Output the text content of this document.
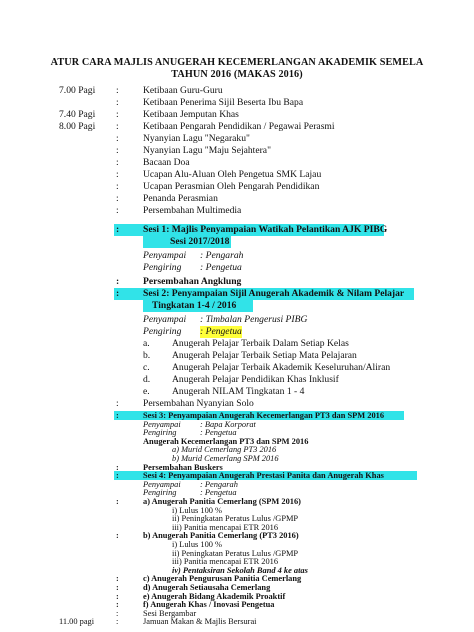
ATUR CARA MAJLIS ANUGERAH KECEMERLANGAN AKADEMIK SEMELA
TAHUN 2016 (MAKAS 2016)
7.00 Pagi :	Ketibaan Guru-Guru
:	Ketibaan Penerima Sijil Beserta Ibu Bapa
7.40 Pagi :	Ketibaan Jemputan Khas
8.00 Pagi :	Ketibaan Pengarah Pendidikan / Pegawai Perasmi
:	Nyanyian Lagu "Negaraku"
:	Nyanyian Lagu "Maju Sejahtera"
:	Bacaan Doa
:	Ucapan Alu-Aluan Oleh Pengetua SMK Lajau
:	Ucapan Perasmian Oleh Pengarah Pendidikan
:	Penanda Perasmian
:	Persembahan Multimedia
: Sesi 1: Majlis Penyampaian Watikah Pelantikan AJK PIBG
Sesi 2017/2018
Penyampai : Pengarah
Pengiring : Pengetua
: Persembahan Angklung
: Sesi 2: Penyampaian Sijil Anugerah Akademik & Nilam Pelajar
Tingkatan 1-4 / 2016
Penyampai : Timbalan Pengerusi PIBG
Pengiring : Pengetua
a. Anugerah Pelajar Terbaik Dalam Setiap Kelas
b. Anugerah Pelajar Terbaik Setiap Mata Pelajaran
c. Anugerah Pelajar Terbaik Akademik Keseluruhan/Aliran
d. Anugerah Pelajar Pendidikan Khas Inklusif
e. Anugerah NILAM Tingkatan 1 - 4
:	Persembahan Nyanyian Solo
:	Sesi 3: Penyampaian Anugerah Kecemerlangan PT3 dan SPM 2016
Penyampai : Bapa Korporat
Pengiring	: Pengetua
Anugerah Kecemerlangan PT3 dan SPM 2016
a) Murid Cemerlang PT3 2016
b) Murid Cemerlang SPM 2016
:	Persembahan Buskers
:	Sesi 4: Penyampaian Anugerah Prestasi Panita dan Anugerah Khas
Penyampai : Pengarah
Pengiring	: Pengetua
:	a) Anugerah Panitia Cemerlang (SPM 2016)
i) Lulus 100 %
ii) Peningkatan Peratus Lulus /GPMP
iii) Panitia mencapai ETR 2016
:	b) Anugerah Panitia Cemerlang (PT3 2016)
i) Lulus 100 %
ii) Peningkatan Peratus Lulus /GPMP
iii) Panitia mencapai ETR 2016
iv) Pentaksiran Sekolah Band 4 ke atas
:	c) Anugerah Pengurusan Panitia Cemerlang
:	d) Anugerah Setiausaha Cemerlang
:	e) Anugerah Bidang Akademik Proaktif
:	f) Anugerah Khas / Inovasi Pengetua
:	Sesi Bergambar
11.00 pagi	:	Jamuan Makan & Majlis Bersurai
